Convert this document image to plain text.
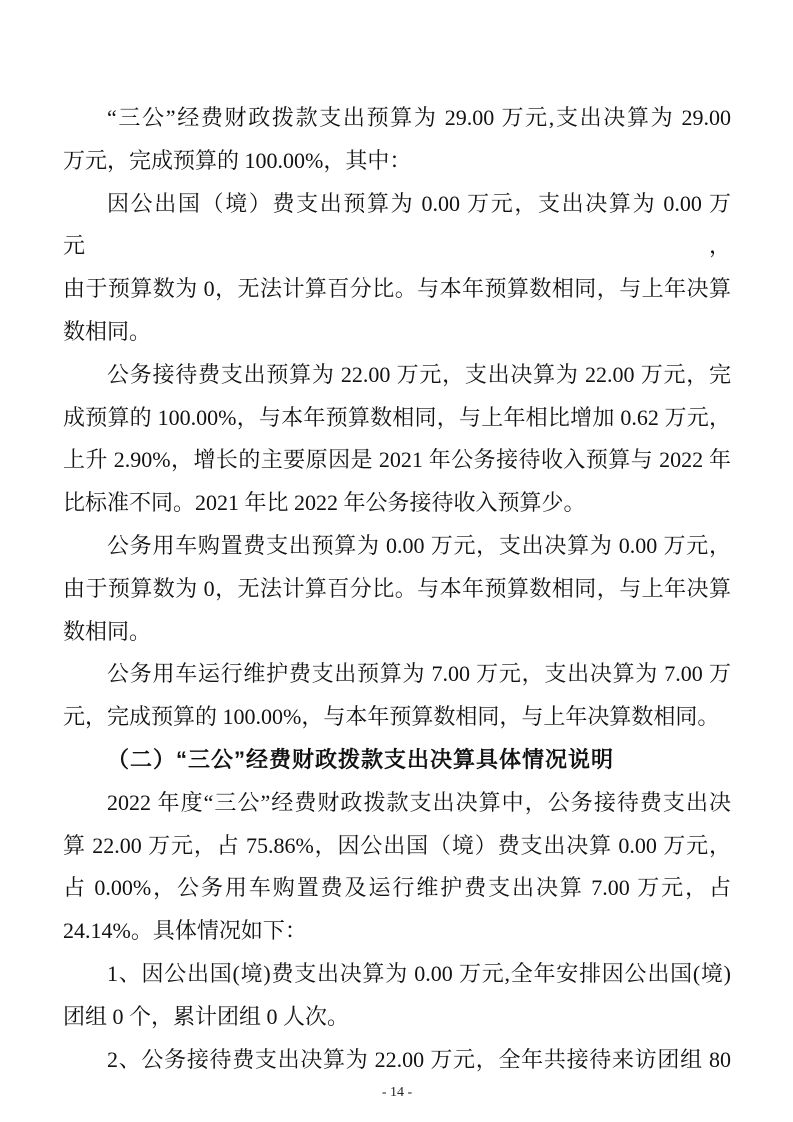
“三公”经费财政拨款支出预算为 29.00 万元,支出决算为 29.00
万元，完成预算的 100.00%，其中：
因公出国（境）费支出预算为 0.00 万元，支出决算为 0.00 万元，
由于预算数为 0，无法计算百分比。与本年预算数相同，与上年决算
数相同。
公务接待费支出预算为 22.00 万元，支出决算为 22.00 万元，完
成预算的 100.00%，与本年预算数相同，与上年相比增加 0.62 万元，
上升 2.90%，增长的主要原因是 2021 年公务接待收入预算与 2022 年
比标准不同。2021 年比 2022 年公务接待收入预算少。
公务用车购置费支出预算为 0.00 万元，支出决算为 0.00 万元，
由于预算数为 0，无法计算百分比。与本年预算数相同，与上年决算
数相同。
公务用车运行维护费支出预算为 7.00 万元，支出决算为 7.00 万
元，完成预算的 100.00%，与本年预算数相同，与上年决算数相同。
（二）“三公”经费财政拨款支出决算具体情况说明
2022 年度“三公”经费财政拨款支出决算中，公务接待费支出决
算 22.00 万元，占 75.86%，因公出国（境）费支出决算 0.00 万元，
占 0.00%，公务用车购置费及运行维护费支出决算 7.00 万元，占
24.14%。具体情况如下：
1、因公出国(境)费支出决算为 0.00 万元,全年安排因公出国(境)
团组 0 个，累计团组 0 人次。
2、公务接待费支出决算为 22.00 万元，全年共接待来访团组 80
- 14 -
